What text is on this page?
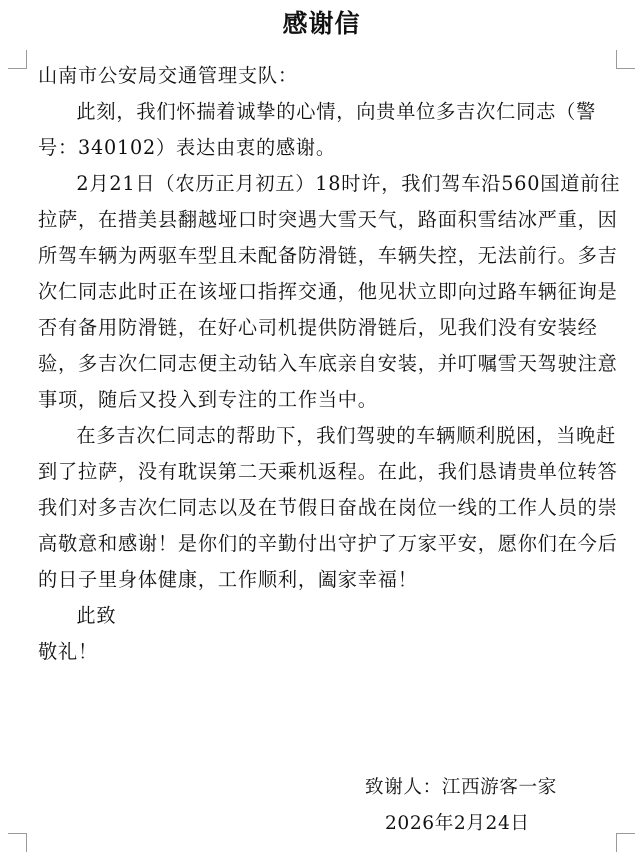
感谢信

山南市公安局交通管理支队：

此刻，我们怀揣着诚挚的心情，向贵单位多吉次仁同志（警号：340102）表达由衷的感谢。

2月21日（农历正月初五）18时许，我们驾车沿560国道前往拉萨，在措美县翻越垭口时突遇大雪天气，路面积雪结冰严重，因所驾车辆为两驱车型且未配备防滑链，车辆失控，无法前行。多吉次仁同志此时正在该垭口指挥交通，他见状立即向过路车辆征询是否有备用防滑链，在好心司机提供防滑链后，见我们没有安装经验，多吉次仁同志便主动钻入车底亲自安装，并叮嘱雪天驾驶注意事项，随后又投入到专注的工作当中。

在多吉次仁同志的帮助下，我们驾驶的车辆顺利脱困，当晚赶到了拉萨，没有耽误第二天乘机返程。在此，我们恳请贵单位转答我们对多吉次仁同志以及在节假日奋战在岗位一线的工作人员的崇高敬意和感谢！是你们的辛勤付出守护了万家平安，愿你们在今后的日子里身体健康，工作顺利，阖家幸福！

此致

敬礼！

致谢人：江西游客一家
2026年2月24日
